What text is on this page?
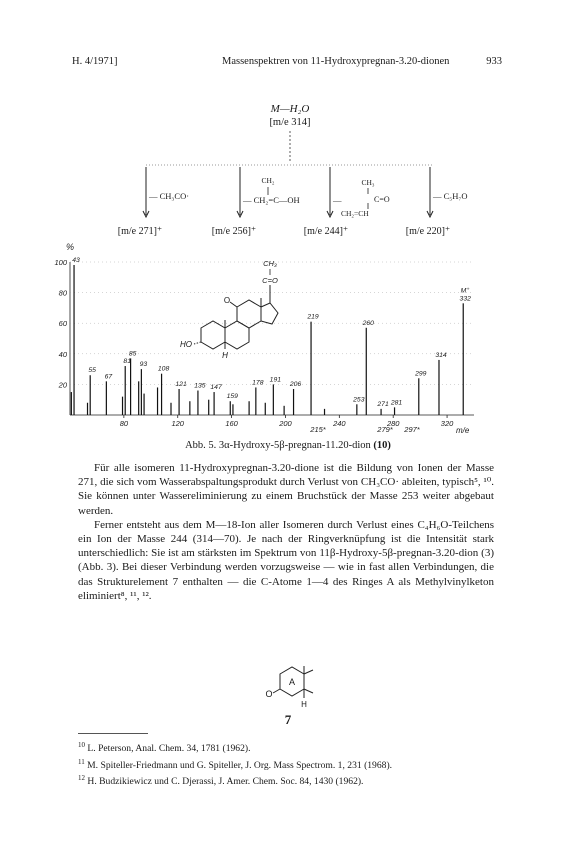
H. 4/1971]	Massenspektren von 11-Hydroxypregnan-3.20-dionen	933
M—H₂O
[m/e 314]
— CH₃CO·
CH₂
— CH₂=C—OH	—
CH₃
C=O
CH₂=CH
— C₅H₇O
[m/e 271]⁺	[m/e 256]⁺	[m/e 244]⁺	[m/e 220]⁺
%
20
40
60
80
100
80	120	160	200	240	280	320
43
55
67
81
85
93
108
121 135 147
159
178 191
206
219
253
260
271 281
299
314
M⁺
332
215*	279* 297*	m/e
CH₃
C=O
O
HO
H
Abb. 5. 3α-Hydroxy-5β-pregnan-11.20-dion (10)

Für alle isomeren 11-Hydroxypregnan-3.20-dione ist die Bildung von Ionen der Masse 271, die sich vom Wasserabspaltungsprodukt durch Verlust von CH₃CO· ableiten, typisch⁵, ¹⁰. Sie können unter Wassereliminierung zu einem Bruchstück der Masse 253 weiter abgebaut werden.

Ferner entsteht aus dem M—18-Ion aller Isomeren durch Verlust eines C₄H₆O-Teilchens ein Ion der Masse 244 (314—70). Je nach der Ringverknüpfung ist die Intensität stark unterschiedlich: Sie ist am stärksten im Spektrum von 11β-Hydroxy-5β-pregnan-3.20-dion (3) (Abb. 3). Bei dieser Verbindung werden vorzugsweise — wie in fast allen Verbindungen, die das Strukturelement 7 enthalten — die C-Atome 1—4 des Ringes A als Methylvinylketon eliminiert⁸, ¹¹, ¹².

A
O
H
7

$^{10}$ L. Peterson, Anal. Chem. 34, 1781 (1962).

$^{11}$ M. Spiteller-Friedmann und G. Spiteller, J. Org. Mass Spectrom. 1, 231 (1968).

$^{12}$ H. Budzikiewicz und C. Djerassi, J. Amer. Chem. Soc. 84, 1430 (1962).
